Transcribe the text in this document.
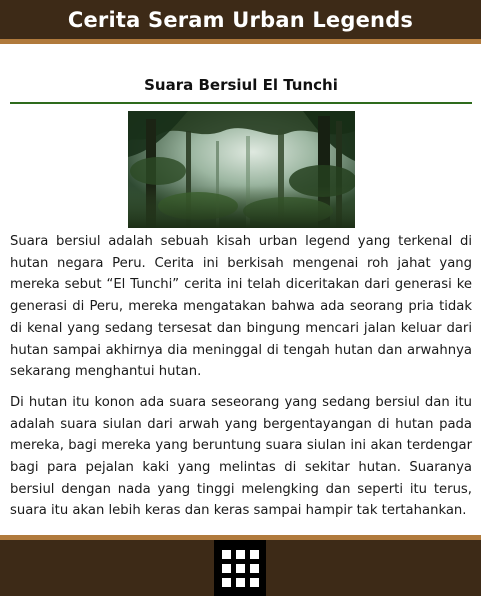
Cerita Seram Urban Legends
Suara Bersiul El Tunchi

Suara bersiul adalah sebuah kisah urban legend yang terkenal di hutan negara Peru. Cerita ini berkisah mengenai roh jahat yang mereka sebut “El Tunchi” cerita ini telah diceritakan dari generasi ke generasi di Peru, mereka mengatakan bahwa ada seorang pria tidak di kenal yang sedang tersesat dan bingung mencari jalan keluar dari hutan sampai akhirnya dia meninggal di tengah hutan dan arwahnya sekarang menghantui hutan.

Di hutan itu konon ada suara seseorang yang sedang bersiul dan itu adalah suara siulan dari arwah yang bergentayangan di hutan pada mereka, bagi mereka yang beruntung suara siulan ini akan terdengar bagi para pejalan kaki yang melintas di sekitar hutan. Suaranya bersiul dengan nada yang tinggi melengking dan seperti itu terus, suara itu akan lebih keras dan keras sampai hampir tak tertahankan.
